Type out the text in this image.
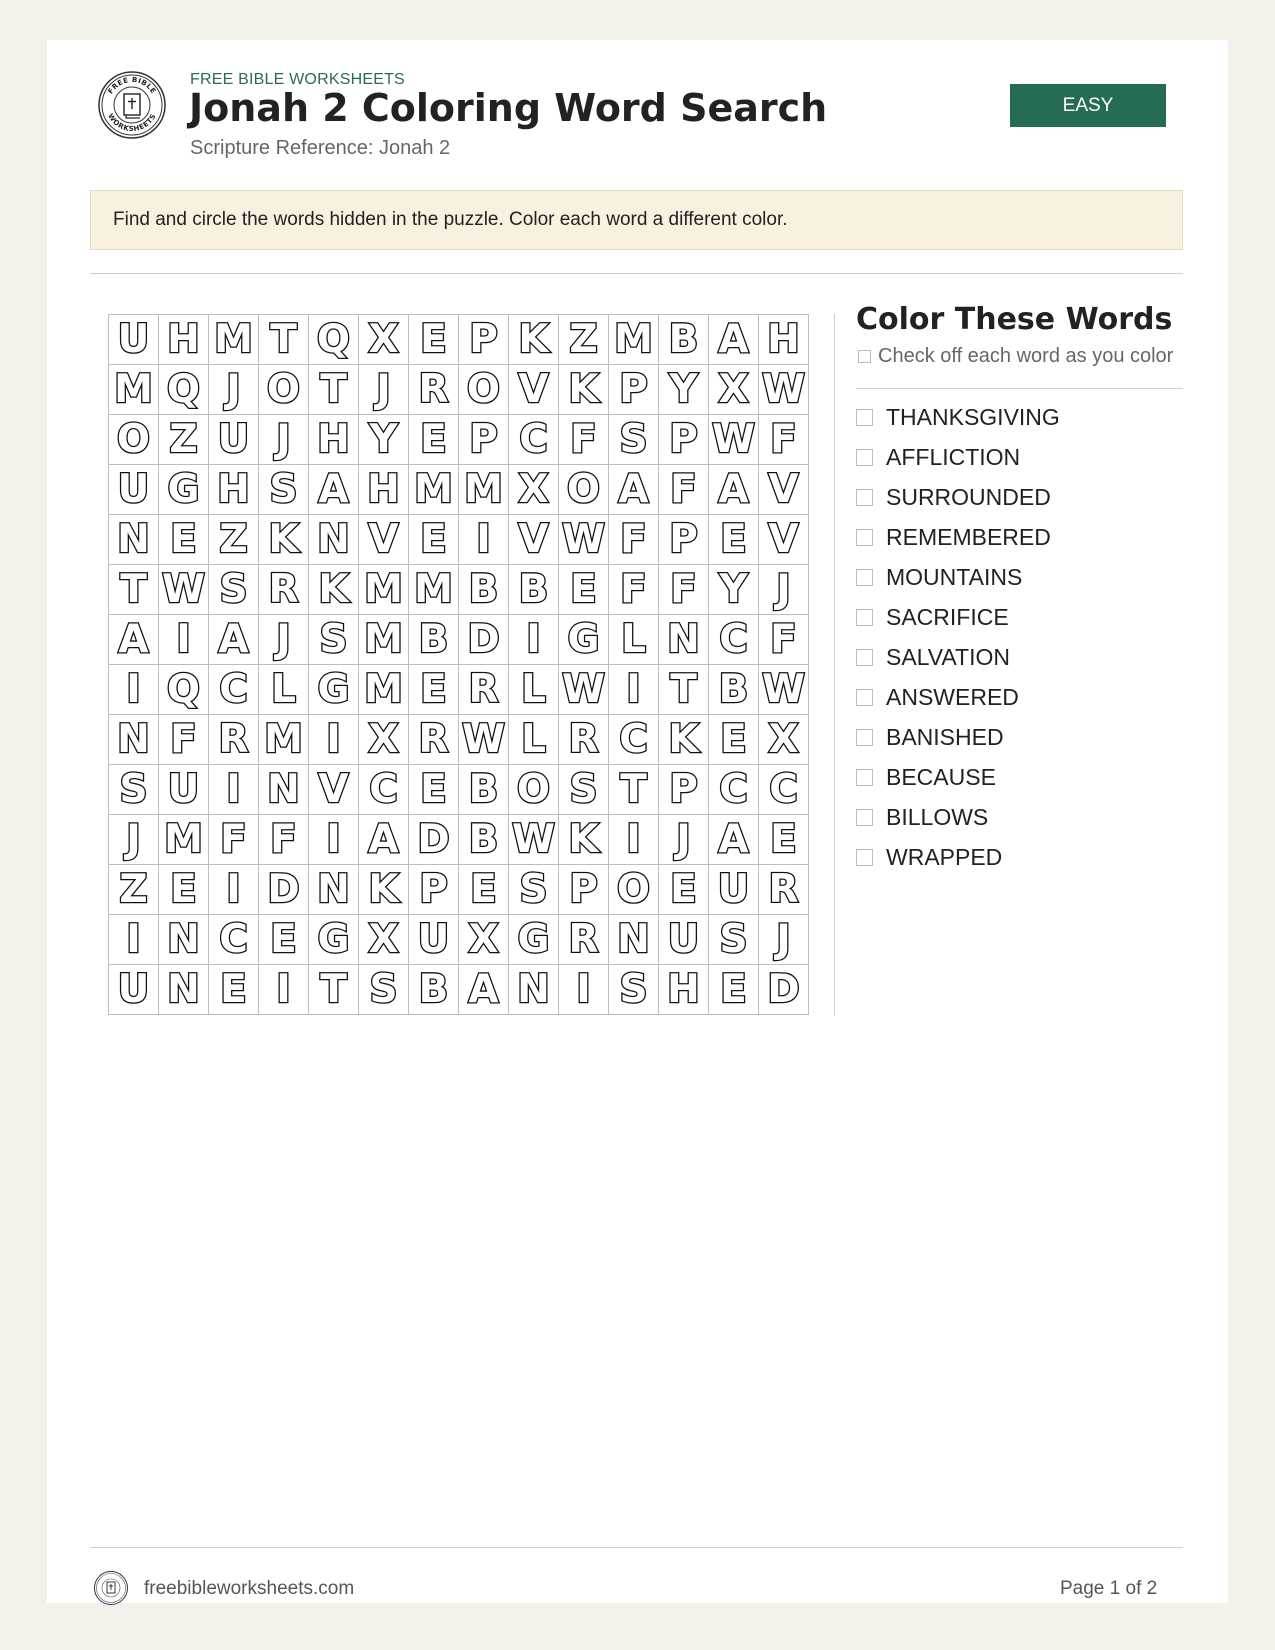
FREE BIBLE
WORKSHEETS
FREE BIBLE WORKSHEETS
Jonah 2 Coloring Word Search
Scripture Reference: Jonah 2
EASY
Find and circle the words hidden in the puzzle. Color each word a different color.
U H M T Q X E P K Z M B A H
M Q J O T J R O V K P Y X W
O Z U J H Y E P C F S P W F
U G H S A H M M X O A F A V
N E Z K N V E I V W F P E V
T W S R K M M B B E F F Y J
A I A J S M B D I G L N C F
I Q C L G M E R L W I T B W
N F R M I X R W L R C K E X
S U I N V C E B O S T P C C
J M F F I A D B W K I J A E
Z E I D N K P E S P O E U R
I N C E G X U X G R N U S J
U N E I T S B A N I S H E D
Color These Words
Check off each word as you color
THANKSGIVING
AFFLICTION
SURROUNDED
REMEMBERED
MOUNTAINS
SACRIFICE
SALVATION
ANSWERED
BANISHED
BECAUSE
BILLOWS
WRAPPED
freebibleworksheets.com	Page 1 of 2
